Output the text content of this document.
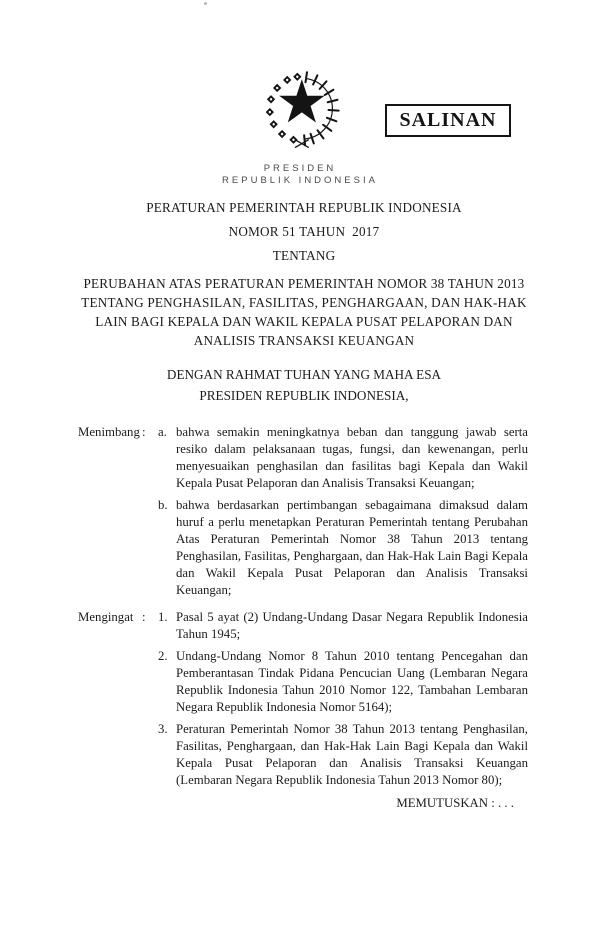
SALINAN
PRESIDEN
REPUBLIK INDONESIA
PERATURAN PEMERINTAH REPUBLIK INDONESIA
NOMOR 51 TAHUN  2017
TENTANG
PERUBAHAN ATAS PERATURAN PEMERINTAH NOMOR 38 TAHUN 2013 TENTANG PENGHASILAN, FASILITAS, PENGHARGAAN, DAN HAK-HAK LAIN BAGI KEPALA DAN WAKIL KEPALA PUSAT PELAPORAN DAN ANALISIS TRANSAKSI KEUANGAN
DENGAN RAHMAT TUHAN YANG MAHA ESA
PRESIDEN REPUBLIK INDONESIA,
Menimbang : a. bahwa semakin meningkatnya beban dan tanggung jawab serta resiko dalam pelaksanaan tugas, fungsi, dan kewenangan, perlu menyesuaikan penghasilan dan fasilitas bagi Kepala dan Wakil Kepala Pusat Pelaporan dan Analisis Transaksi Keuangan;
b. bahwa berdasarkan pertimbangan sebagaimana dimaksud dalam huruf a perlu menetapkan Peraturan Pemerintah tentang Perubahan Atas Peraturan Pemerintah Nomor 38 Tahun 2013 tentang Penghasilan, Fasilitas, Penghargaan, dan Hak-Hak Lain Bagi Kepala dan Wakil Kepala Pusat Pelaporan dan Analisis Transaksi Keuangan;
Mengingat : 1. Pasal 5 ayat (2) Undang-Undang Dasar Negara Republik Indonesia Tahun 1945;
2. Undang-Undang Nomor 8 Tahun 2010 tentang Pencegahan dan Pemberantasan Tindak Pidana Pencucian Uang (Lembaran Negara Republik Indonesia Tahun 2010 Nomor 122, Tambahan Lembaran Negara Republik Indonesia Nomor 5164);
3. Peraturan Pemerintah Nomor 38 Tahun 2013 tentang Penghasilan, Fasilitas, Penghargaan, dan Hak-Hak Lain Bagi Kepala dan Wakil Kepala Pusat Pelaporan dan Analisis Transaksi Keuangan (Lembaran Negara Republik Indonesia Tahun 2013 Nomor 80);
MEMUTUSKAN : . . .
